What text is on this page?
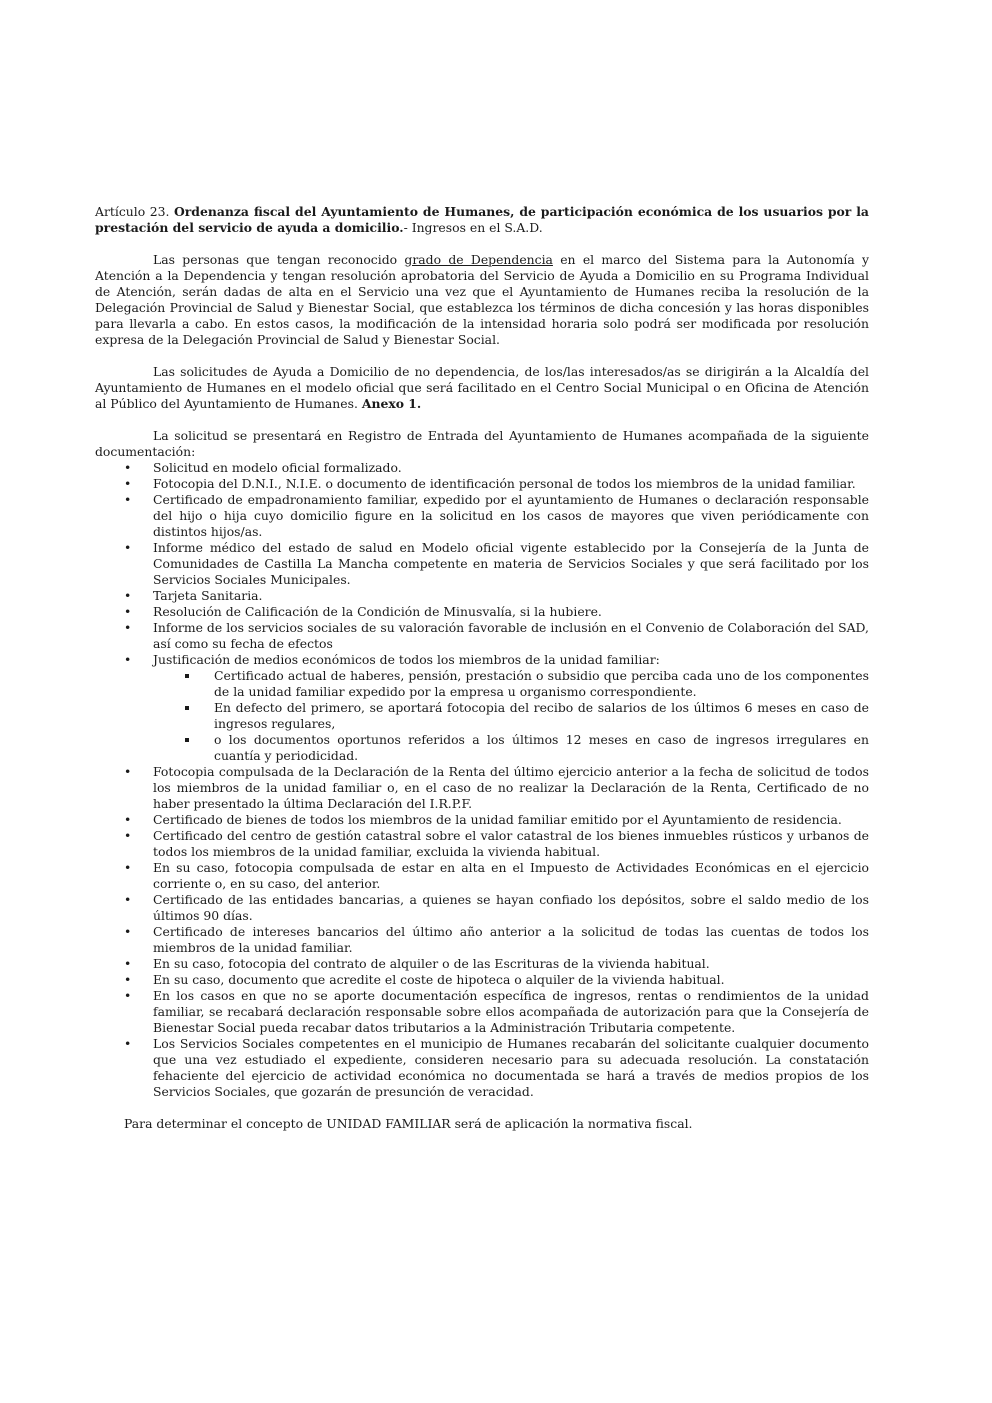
Artículo 23. Ordenanza fiscal del Ayuntamiento de Humanes, de participación económica de los usuarios por la prestación del servicio de ayuda a domicilio.- Ingresos en el S.A.D.

Las personas que tengan reconocido grado de Dependencia en el marco del Sistema para la Autonomía y Atención a la Dependencia y tengan resolución aprobatoria del Servicio de Ayuda a Domicilio en su Programa Individual de Atención, serán dadas de alta en el Servicio una vez que el Ayuntamiento de Humanes reciba la resolución de la Delegación Provincial de Salud y Bienestar Social, que establezca los términos de dicha concesión y las horas disponibles para llevarla a cabo. En estos casos, la modificación de la intensidad horaria solo podrá ser modificada por resolución expresa de la Delegación Provincial de Salud y Bienestar Social.

Las solicitudes de Ayuda a Domicilio de no dependencia, de los/las interesados/as se dirigirán a la Alcaldía del Ayuntamiento de Humanes en el modelo oficial que será facilitado en el Centro Social Municipal o en Oficina de Atención al Público del Ayuntamiento de Humanes. Anexo 1.

La solicitud se presentará en Registro de Entrada del Ayuntamiento de Humanes acompañada de la siguiente documentación:

• Solicitud en modelo oficial formalizado.
• Fotocopia del D.N.I., N.I.E. o documento de identificación personal de todos los miembros de la unidad familiar.
• Certificado de empadronamiento familiar, expedido por el ayuntamiento de Humanes o declaración responsable del hijo o hija cuyo domicilio figure en la solicitud en los casos de mayores que viven periódicamente con distintos hijos/as.
• Informe médico del estado de salud en Modelo oficial vigente establecido por la Consejería de la Junta de Comunidades de Castilla La Mancha competente en materia de Servicios Sociales y que será facilitado por los Servicios Sociales Municipales.
• Tarjeta Sanitaria.
• Resolución de Calificación de la Condición de Minusvalía, si la hubiere.
• Informe de los servicios sociales de su valoración favorable de inclusión en el Convenio de Colaboración del SAD, así como su fecha de efectos
• Justificación de medios económicos de todos los miembros de la unidad familiar:
Certificado actual de haberes, pensión, prestación o subsidio que perciba cada uno de los componentes de la unidad familiar expedido por la empresa u organismo correspondiente.
En defecto del primero, se aportará fotocopia del recibo de salarios de los últimos 6 meses en caso de ingresos regulares,
o los documentos oportunos referidos a los últimos 12 meses en caso de ingresos irregulares en cuantía y periodicidad.
• Fotocopia compulsada de la Declaración de la Renta del último ejercicio anterior a la fecha de solicitud de todos los miembros de la unidad familiar o, en el caso de no realizar la Declaración de la Renta, Certificado de no haber presentado la última Declaración del I.R.P.F.
• Certificado de bienes de todos los miembros de la unidad familiar emitido por el Ayuntamiento de residencia.
• Certificado del centro de gestión catastral sobre el valor catastral de los bienes inmuebles rústicos y urbanos de todos los miembros de la unidad familiar, excluida la vivienda habitual.
• En su caso, fotocopia compulsada de estar en alta en el Impuesto de Actividades Económicas en el ejercicio corriente o, en su caso, del anterior.
• Certificado de las entidades bancarias, a quienes se hayan confiado los depósitos, sobre el saldo medio de los últimos 90 días.
• Certificado de intereses bancarios del último año anterior a la solicitud de todas las cuentas de todos los miembros de la unidad familiar.
• En su caso, fotocopia del contrato de alquiler o de las Escrituras de la vivienda habitual.
• En su caso, documento que acredite el coste de hipoteca o alquiler de la vivienda habitual.
• En los casos en que no se aporte documentación específica de ingresos, rentas o rendimientos de la unidad familiar, se recabará declaración responsable sobre ellos acompañada de autorización para que la Consejería de Bienestar Social pueda recabar datos tributarios a la Administración Tributaria competente.
• Los Servicios Sociales competentes en el municipio de Humanes recabarán del solicitante cualquier documento que una vez estudiado el expediente, consideren necesario para su adecuada resolución. La constatación fehaciente del ejercicio de actividad económica no documentada se hará a través de medios propios de los Servicios Sociales, que gozarán de presunción de veracidad.

Para determinar el concepto de UNIDAD FAMILIAR será de aplicación la normativa fiscal.
